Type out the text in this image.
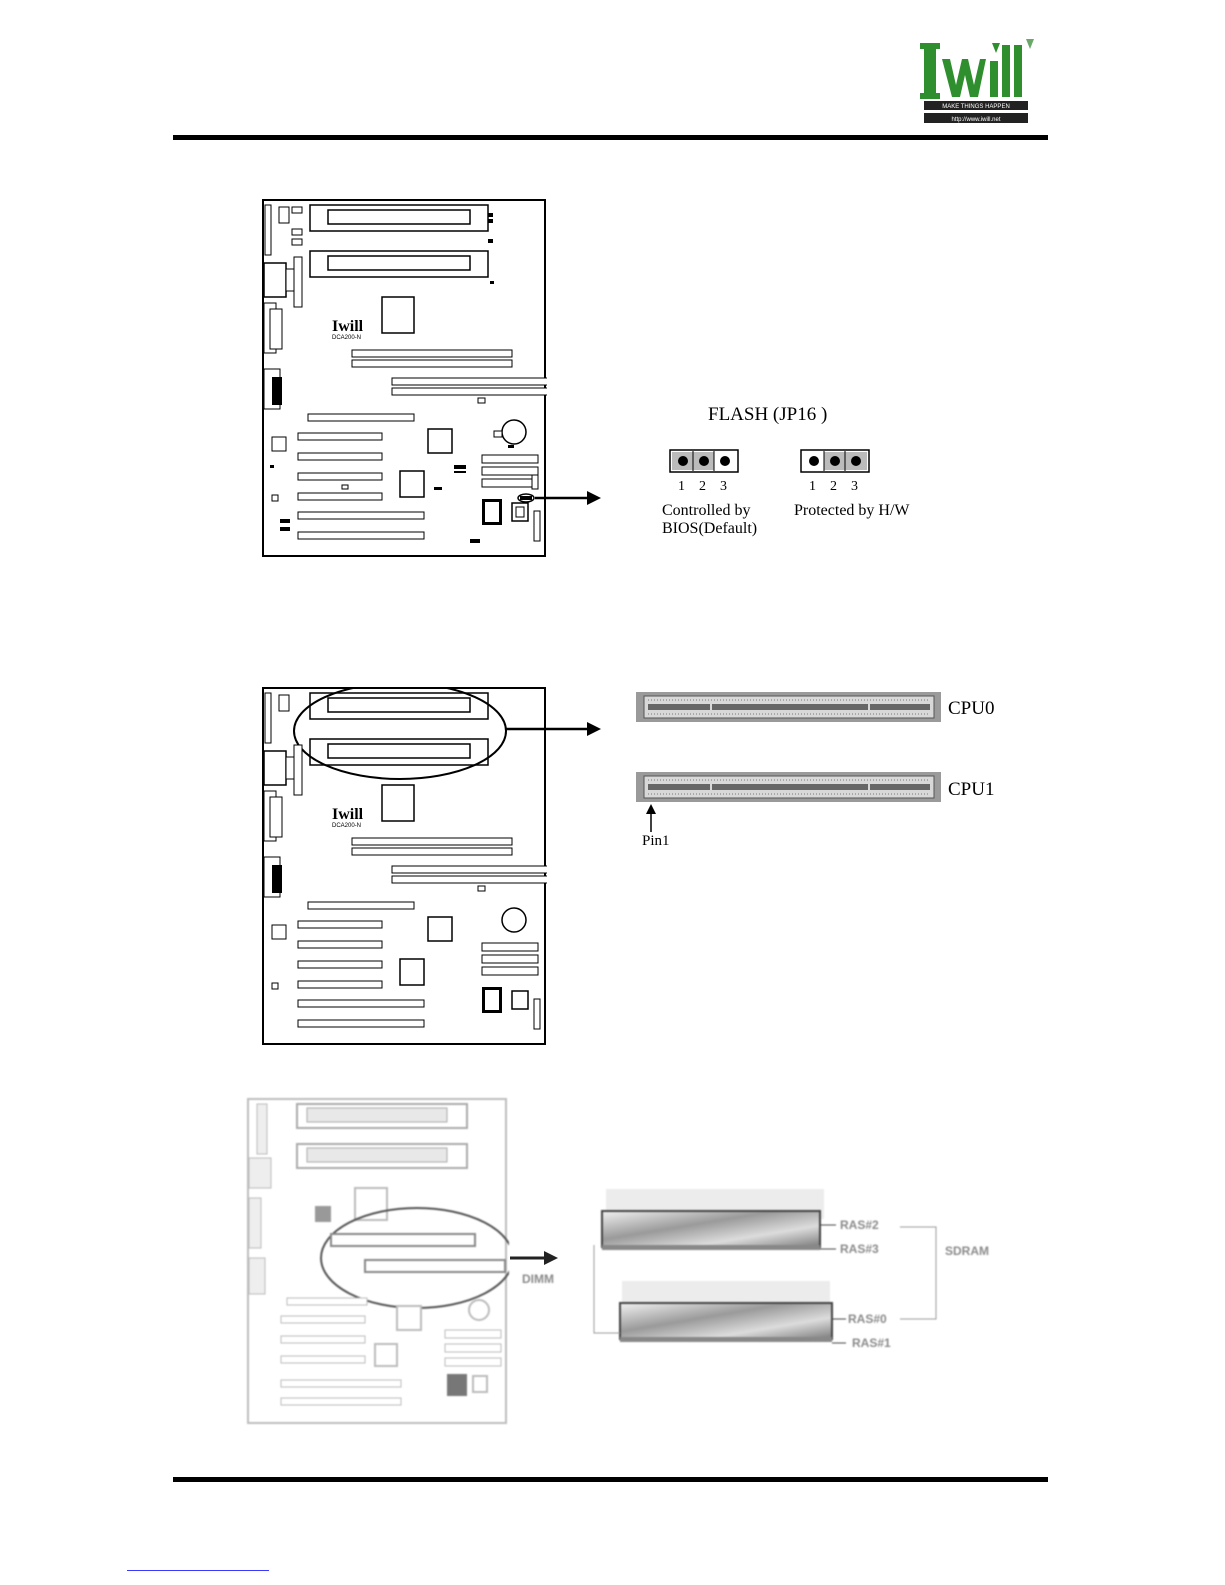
MAKE THINGS HAPPEN
http://www.iwill.net
Iwill
DCA200-N
FLASH (JP16 )
1 2 3
Controlled by
BIOS(Default)
1 2 3
Protected by H/W
Iwill
DCA200-N
CPU0
CPU1
Pin1
RAS#2
RAS#3	SDRAM
DIMM
RAS#0
RAS#1
